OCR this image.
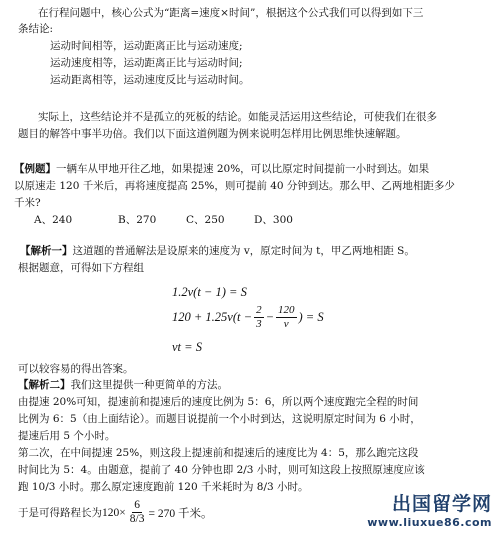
在行程问题中，核心公式为“距离=速度×时间”，根据这个公式我们可以得到如下三
条结论:
运动时间相等，运动距离正比与运动速度;
运动速度相等，运动距离正比与运动时间;
运动距离相等，运动速度反比与运动时间。
实际上，这些结论并不是孤立的死板的结论。如能灵活运用这些结论，可使我们在很多
题目的解答中事半功倍。我们以下面这道例题为例来说明怎样用比例思维快速解题。
【例题】一辆车从甲地开往乙地，如果提速 20%，可以比原定时间提前一小时到达。如果
以原速走 120 千米后，再将速度提高 25%，则可提前 40 分钟到达。那么甲、乙两地相距多少
千米?
A、240	B、270	C、250	D、300
【解析一】这道题的普通解法是设原来的速度为 v，原定时间为 t，甲乙两地相距 S。
根据题意，可得如下方程组
1.2v(t − 1) = S
$120 + 1.25v(t - \frac{2}{3} - \frac{120}{v}$ ) = S
vt = S
可以较容易的得出答案。
【解析二】我们这里提供一种更简单的方法。
由提速 20%可知，提速前和提速后的速度比例为 5：6，所以两个速度跑完全程的时间
比例为 6：5（由上面结论）。而题目说提前一个小时到达，这说明原定时间为 6 小时，
提速后用 5 个小时。
第二次，在中间提速 25%，则这段上提速前和提速后的速度比为 4：5，那么跑完这段
时间比为 5：4。由题意，提前了 40 分钟也即 2/3 小时，则可知这段上按照原速度应该
跑 10/3 小时。那么原定速度跑前 120 千米耗时为 8/3 小时。
于是可得路程长为 $120\times \frac{6}{8/3} = 270$ 千米。	出国留学网
www.liuxue86.com
